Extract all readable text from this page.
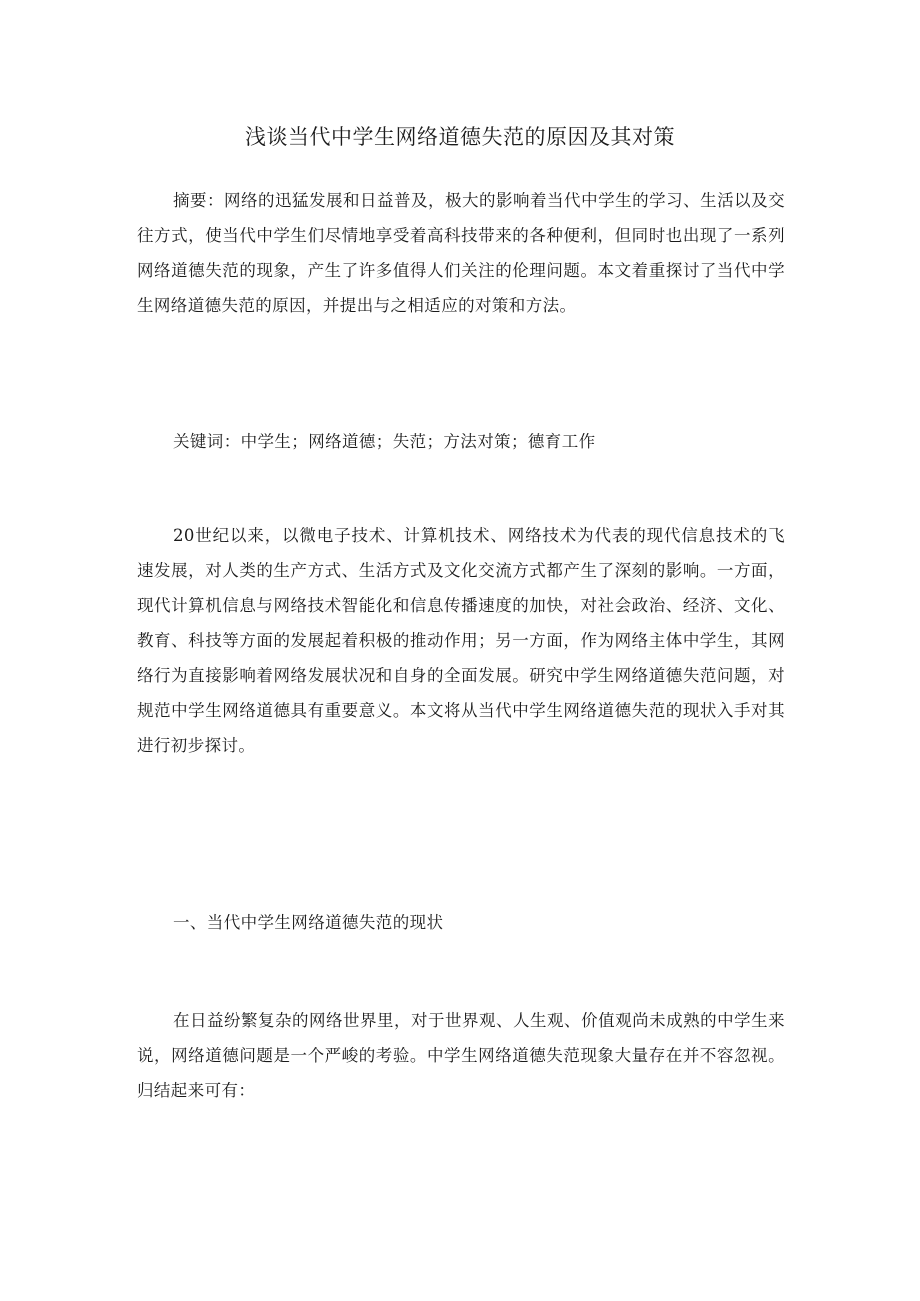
浅谈当代中学生网络道德失范的原因及其对策

摘要：网络的迅猛发展和日益普及，极大的影响着当代中学生的学习、生活以及交往方式，使当代中学生们尽情地享受着高科技带来的各种便利，但同时也出现了一系列网络道德失范的现象，产生了许多值得人们关注的伦理问题。本文着重探讨了当代中学生网络道德失范的原因，并提出与之相适应的对策和方法。

关键词：中学生；网络道德；失范；方法对策；德育工作

20世纪以来，以微电子技术、计算机技术、网络技术为代表的现代信息技术的飞速发展，对人类的生产方式、生活方式及文化交流方式都产生了深刻的影响。一方面，现代计算机信息与网络技术智能化和信息传播速度的加快，对社会政治、经济、文化、教育、科技等方面的发展起着积极的推动作用；另一方面，作为网络主体中学生，其网络行为直接影响着网络发展状况和自身的全面发展。研究中学生网络道德失范问题，对规范中学生网络道德具有重要意义。本文将从当代中学生网络道德失范的现状入手对其进行初步探讨。

一、当代中学生网络道德失范的现状

在日益纷繁复杂的网络世界里，对于世界观、人生观、价值观尚未成熟的中学生来说，网络道德问题是一个严峻的考验。中学生网络道德失范现象大量存在并不容忽视。归结起来可有：
